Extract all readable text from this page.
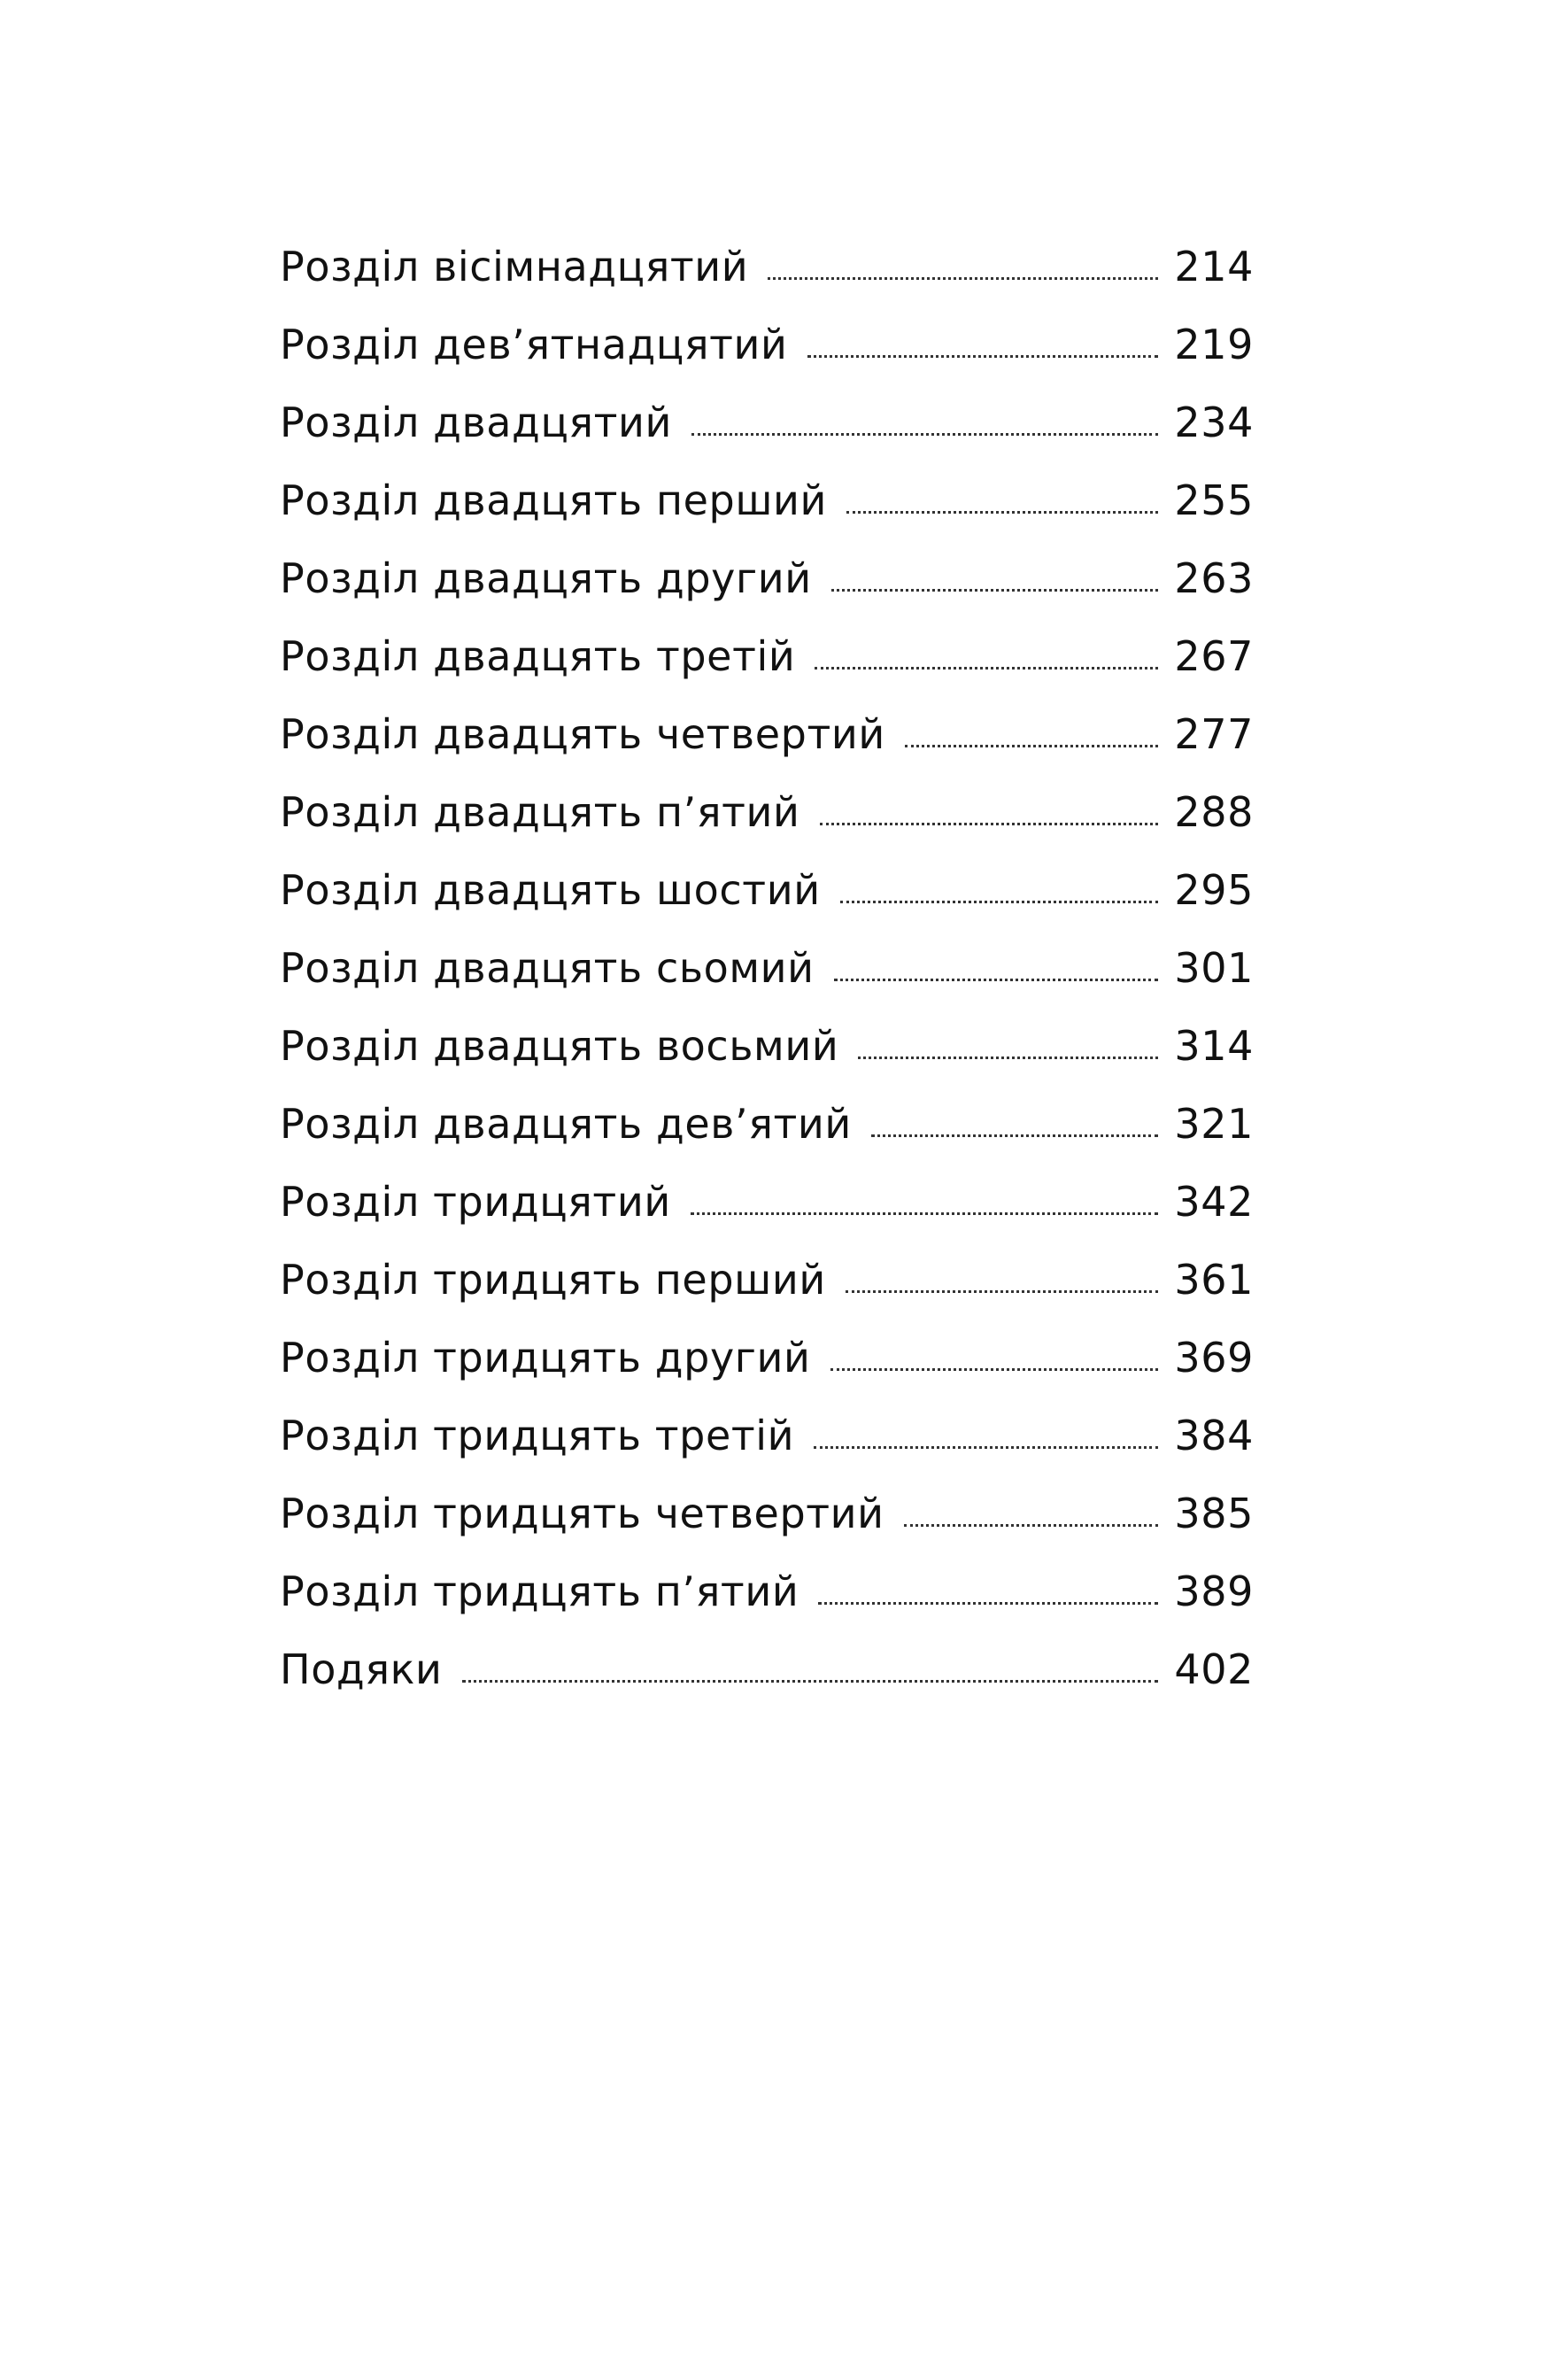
Розділ вісімнадцятий	214
Розділ дев’ятнадцятий	219
Розділ двадцятий	234
Розділ двадцять перший	255
Розділ двадцять другий	263
Розділ двадцять третій	267
Розділ двадцять четвертий	277
Розділ двадцять п’ятий	288
Розділ двадцять шостий	295
Розділ двадцять сьомий	301
Розділ двадцять восьмий	314
Розділ двадцять дев’ятий	321
Розділ тридцятий	342
Розділ тридцять перший	361
Розділ тридцять другий	369
Розділ тридцять третій	384
Розділ тридцять четвертий	385
Розділ тридцять п’ятий	389
Подяки	402
